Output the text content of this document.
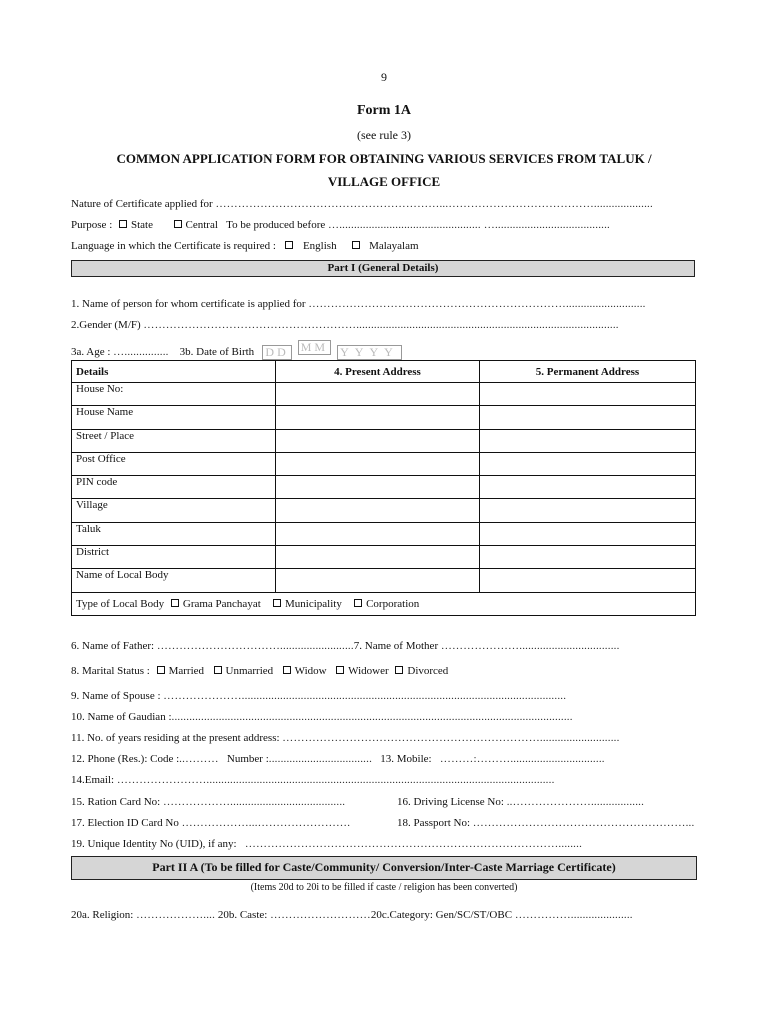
9
Form 1A
(see rule 3)
COMMON APPLICATION FORM FOR OBTAINING VARIOUS SERVICES FROM TALUK /
VILLAGE OFFICE
Nature of Certificate applied for ……………………………………………………...…………………………………....................
Purpose : State	Central To be produced before …................................................ ….......................................
Language in which the Certificate is required : English	Malayalam
Part I (General Details)
1. Name of person for whom certificate is applied for ……………………………………………………………...........................
2.Gender (M/F) ………………………………………………….........................................................................................
3a. Age : …............... 3b. Date of Birth DD MM YYYY
Details	4. Present Address	5. Permanent Address
House No:		
House Name		
Street / Place		
Post Office		
PIN code		
Village		
Taluk		
District		
Name of Local Body		
Type of Local Body Grama Panchayat Municipality Corporation		
6. Name of Father: …………………………….........................7. Name of Mother …………………..................................
8. Marital Status : Married Unmarried Widow Widower Divorced
9. Name of Spouse : …………………..............................................................................................................
10. Name of Gaudian :........................................................................................................................................
11. No. of years residing at the present address: ……………………………………………………………...........................
12. Phone (Res.): Code :..……… Number :................................... 13. Mobile: ………:………................................
14.Email: ……………………......................................................................................................................
15. Ration Card No: ……………….......................................	16. Driving License No: ..…………………..................
17. Election ID Card No ………………...…………………….	18. Passport No: …………………………………………………...
19. Unique Identity No (UID), if any: …………………………………………………………………………........
Part II A (To be filled for Caste/Community/ Conversion/Inter-Caste Marriage Certificate)
(Items 20d to 20i to be filled if caste / religion has been converted)
20a. Religion: ……………….... 20b. Caste: ………………………20c.Category: Gen/SC/ST/OBC …………….....................
